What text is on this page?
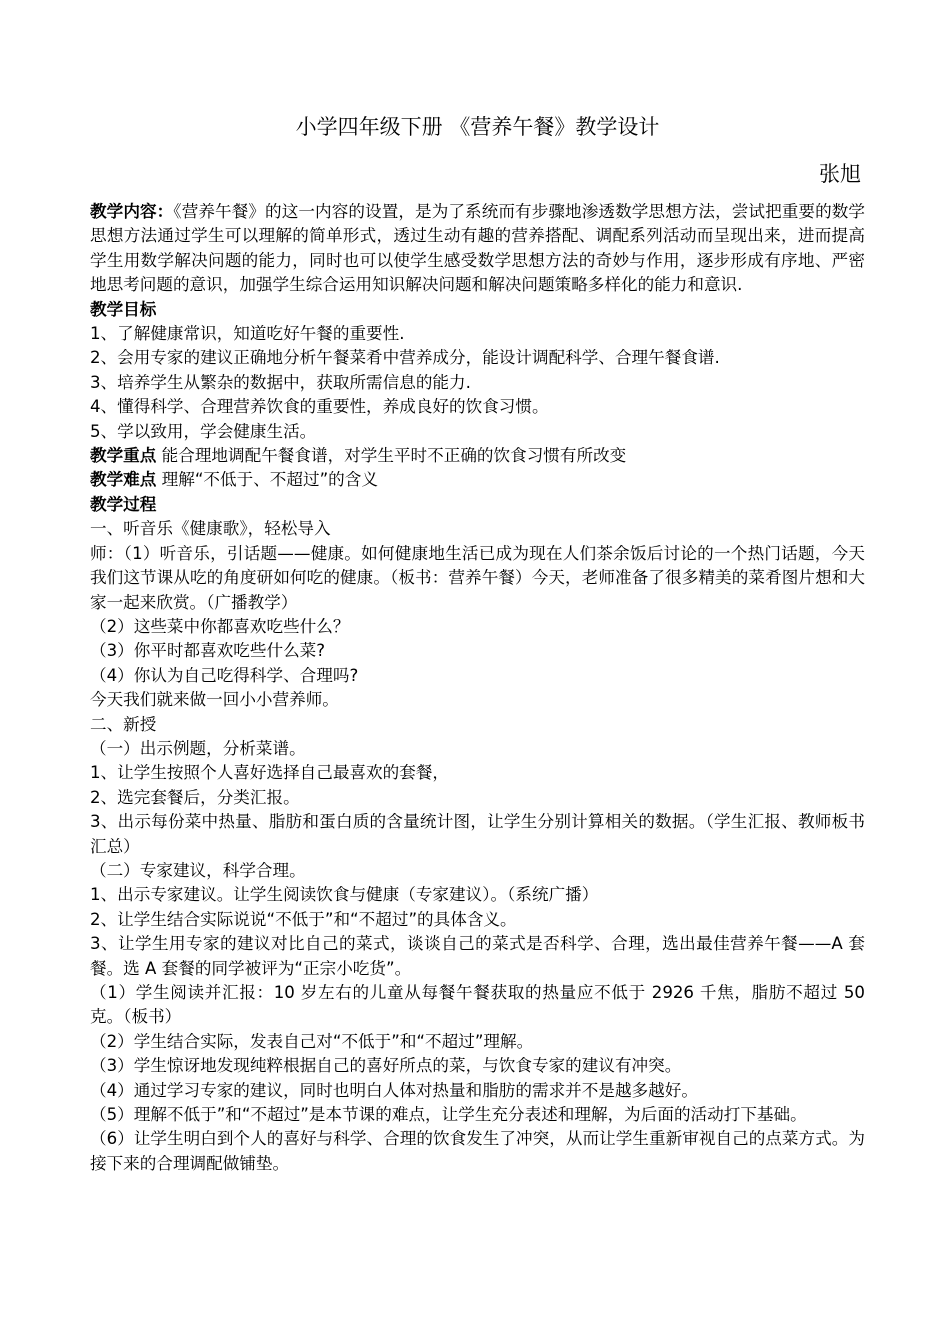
小学四年级下册 《营养午餐》教学设计
张旭

教学内容：《营养午餐》的这一内容的设置，是为了系统而有步骤地渗透数学思想方法，尝试把重要的数学思想方法通过学生可以理解的简单形式，透过生动有趣的营养搭配、调配系列活动而呈现出来，进而提高学生用数学解决问题的能力，同时也可以使学生感受数学思想方法的奇妙与作用，逐步形成有序地、严密地思考问题的意识，加强学生综合运用知识解决问题和解决问题策略多样化的能力和意识.

教学目标

1、了解健康常识，知道吃好午餐的重要性.

2、会用专家的建议正确地分析午餐菜肴中营养成分，能设计调配科学、合理午餐食谱.

3、培养学生从繁杂的数据中，获取所需信息的能力.

4、懂得科学、合理营养饮食的重要性，养成良好的饮食习惯。

5、学以致用，学会健康生活。

教学重点 能合理地调配午餐食谱，对学生平时不正确的饮食习惯有所改变

教学难点 理解“不低于、不超过”的含义

教学过程

一、听音乐《健康歌》，轻松导入

师：（1）听音乐，引话题——健康。如何健康地生活已成为现在人们茶余饭后讨论的一个热门话题，今天我们这节课从吃的角度研如何吃的健康。（板书：营养午餐）今天，老师准备了很多精美的菜肴图片想和大家一起来欣赏。（广播教学）

（2）这些菜中你都喜欢吃些什么？

（3）你平时都喜欢吃些什么菜?

（4）你认为自己吃得科学、合理吗?

今天我们就来做一回小小营养师。

二、新授

（一）出示例题，分析菜谱。

1、让学生按照个人喜好选择自己最喜欢的套餐，

2、选完套餐后，分类汇报。

3、出示每份菜中热量、脂肪和蛋白质的含量统计图，让学生分别计算相关的数据。（学生汇报、教师板书汇总）

（二）专家建议，科学合理。

1、出示专家建议。让学生阅读饮食与健康（专家建议）。（系统广播）

2、让学生结合实际说说“不低于”和“不超过”的具体含义。

3、让学生用专家的建议对比自己的菜式，谈谈自己的菜式是否科学、合理，选出最佳营养午餐——A 套餐。选 A 套餐的同学被评为“正宗小吃货”。

（1）学生阅读并汇报：10 岁左右的儿童从每餐午餐获取的热量应不低于 2926 千焦，脂肪不超过 50 克。（板书）

（2）学生结合实际，发表自己对“不低于”和“不超过”理解。

（3）学生惊讶地发现纯粹根据自己的喜好所点的菜，与饮食专家的建议有冲突。

（4）通过学习专家的建议，同时也明白人体对热量和脂肪的需求并不是越多越好。

（5）理解不低于”和“不超过”是本节课的难点，让学生充分表述和理解，为后面的活动打下基础。

（6）让学生明白到个人的喜好与科学、合理的饮食发生了冲突，从而让学生重新审视自己的点菜方式。为接下来的合理调配做铺垫。
